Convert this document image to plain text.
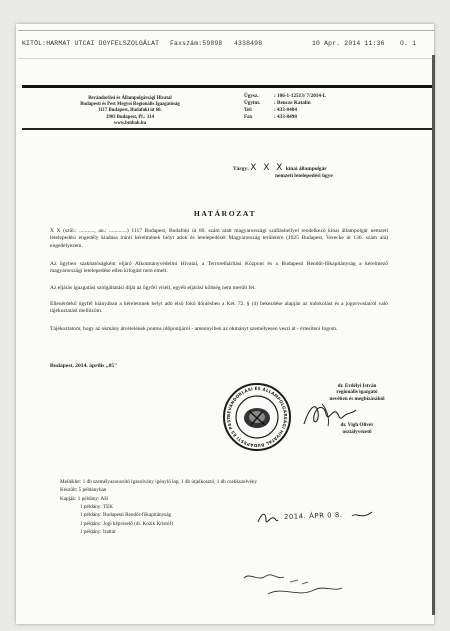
KITÖL:HARMAT UTCAI ÜGYFELSZOLGÁLAT Faxszám:59898 4338498	10 Apr. 2014 11:36 O. 1
Bevándorlási és Állampolgársági Hivatal
Budapesti és Pest Megyei Regionális Igazgatóság
1117 Budapest, Budafoki út 60.
1903 Budapest, Pf.: 314
www.bmbah.hu
Ügysz.	: 106-1-12513/ 7/2014-L
Ügyint.	: Bencze Katalin
Tel:	: 433-8484
Fax	: 433-8498
Tárgy: X X X kínai állampolgár
nemzeti letelepedési ügye
HATÁROZAT
X X (szül.: ..........., an.: .............) 1117 Budapest, Budafoki út 60. szám alatt magyarországi szálláshellyel rendelkező kínai állampolgár nemzeti letelepedési engedély kiadása iránti kérelmének helyt adok és letelepedését Magyarország területére (1025 Budapest, Verecke út 136. szám alá) engedélyezem.
Az ügyben szakhatóságként eljáró Alkotmányvédelmi Hivatal, a Terrorelhárítási Központ és a Budapesti Rendőr-főkapitányság a kérelmező magyarországi letelepedése ellen kifogást nem emelt.
Az eljárás igazgatási szolgáltatási díját az ügyfél viselt, egyéb eljárási költség nem merült fel.
Ellenérdekű ügyfél hiányában a kérelemnek helyt adó első fokú döntésben a Ket. 72. § (4) bekezdése alapján az indokolást és a jogorvoslatról való tájékoztatást mellőzöm.
Tájékoztatom, hogy az okmány átvételének pontos időpontjáról - amennyiben az okmányt személyesen veszi át - értesíteni fogom.
Budapest, 2014. április „05"
dr. Erdélyi István
regionális igazgató
nevében és megbízásából
dr. Vigh Olivér
osztályvezető
BEVÁNDORLÁSI ÉS ÁLLAMPOLGÁRSÁGI HIVATAL BUDAPESTI ÉS PEST
Melléklet: 1 db személyazonosító igazolvány igénylő lap, 1 db útjelkosztó, 1 db csekkszelvény
Készült: 5 példányban
Kapják: 1 példány: AH
1 példány: TEK
1 példány: Budapesti Rendőr-főkapitányság
1 példány: Jogi képviselő (dr. Kozik Kristóf)
1 példány: Irattár
2014. ÁPR 0 8.
